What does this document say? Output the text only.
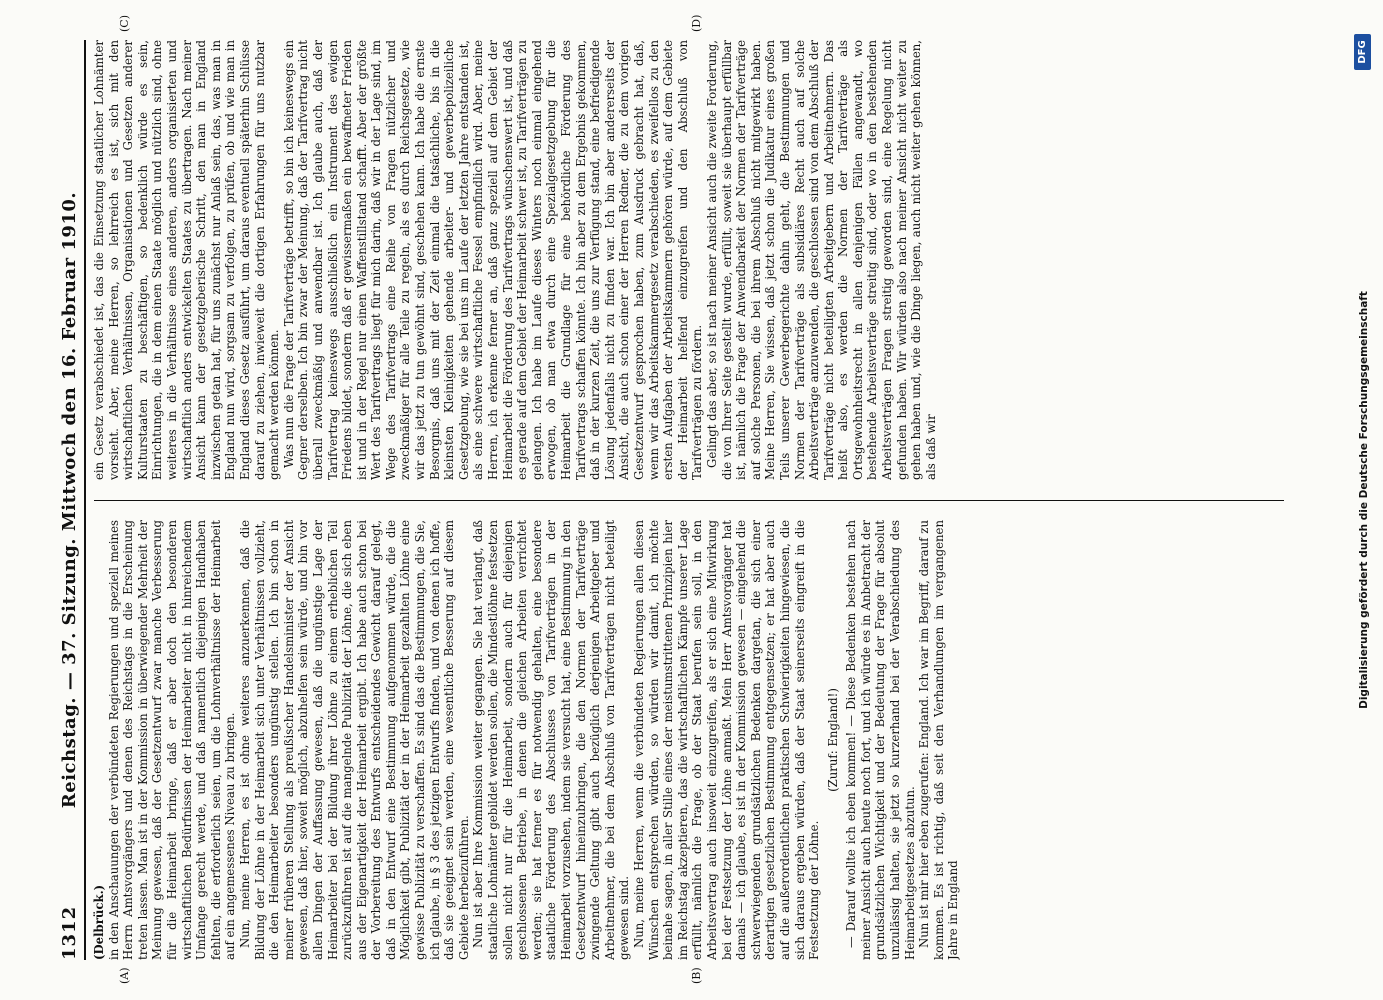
1312
Reichstag. — 37. Sitzung. Mittwoch den 16. Februar 1910.
(A)	(B)
(C)	(D)

(Delbrück.) in den Anschauungen der verbündeten Regierungen und speziell meines Herrn Amtsvorgängers und denen des Reichstags in die Erscheinung treten lassen. Man ist in der Kommission in überwiegender Mehrheit der Meinung gewesen, daß der Gesetzentwurf zwar manche Verbesserung für die Heimarbeit bringe, daß er aber doch den besonderen wirtschaftlichen Bedürfnissen der Heimarbeiter nicht in hinreichendem Umfange gerecht werde, und daß namentlich diejenigen Handhaben fehlten, die erforderlich seien, um die Lohnverhältnisse der Heimarbeit auf ein angemessenes Niveau zu bringen. Nun, meine Herren, es ist ohne weiteres anzuerkennen, daß die Bildung der Löhne in der Heimarbeit sich unter Verhältnissen vollzieht, die den Heimarbeiter besonders ungünstig stellen. Ich bin schon in meiner früheren Stellung als preußischer Handelsminister der Ansicht gewesen, daß hier, soweit möglich, abzuhelfen sein würde, und bin vor allen Dingen der Auffassung gewesen, daß die ungünstige Lage der Heimarbeiter bei der Bildung ihrer Löhne zu einem erheblichen Teil zurückzuführen ist auf die mangelnde Publizität der Löhne, die sich eben aus der Eigenartigkeit der Heimarbeit ergibt. Ich habe auch schon bei der Vorbereitung des Entwurfs entscheidendes Gewicht darauf gelegt, daß in den Entwurf eine Bestimmung aufgenommen würde, die die Möglichkeit gibt, Publizität der in der Heimarbeit gezahlten Löhne eine gewisse Publizität zu verschaffen. Es sind das die Bestimmungen, die Sie, ich glaube, in § 3 des jetzigen Entwurfs finden, und von denen ich hoffe, daß sie geeignet sein werden, eine wesentliche Besserung auf diesem Gebiete herbeizuführen. Nun ist aber Ihre Kommission weiter gegangen. Sie hat verlangt, daß staatliche Lohnämter gebildet werden sollen, die Mindestlöhne festsetzen sollen nicht nur für die Heimarbeit, sondern auch für diejenigen geschlossenen Betriebe, in denen die gleichen Arbeiten verrichtet werden; sie hat ferner es für notwendig gehalten, eine besondere staatliche Förderung des Abschlusses von Tarifverträgen in der Heimarbeit vorzusehen, indem sie versucht hat, eine Bestimmung in den Gesetzentwurf hineinzubringen, die den Normen der Tarifverträge zwingende Geltung gibt auch bezüglich derjenigen Arbeitgeber und Arbeitnehmer, die bei dem Abschluß von Tarifverträgen nicht beteiligt gewesen sind. Nun, meine Herren, wenn die verbündeten Regierungen allen diesen Wünschen entsprechen würden, so würden wir damit, ich möchte beinahe sagen, in aller Stille eines der meistumstrittenen Prinzipien hier im Reichstag akzeptieren, das die wirtschaftlichen Kämpfe unserer Lage erfüllt, nämlich die Frage, ob der Staat berufen sein soll, in den Arbeitsvertrag auch insoweit einzugreifen, als er sich eine Mitwirkung bei der Festsetzung der Löhne anmaßt. Mein Herr Amtsvorgänger hat damals — ich glaube, es ist in der Kommission gewesen — eingehend die schwerwiegenden grundsätzlichen Bedenken dargetan, die sich einer derartigen gesetzlichen Bestimmung entgegensetzen; er hat aber auch auf die außerordentlichen praktischen Schwierigkeiten hingewiesen, die sich daraus ergeben würden, daß der Staat seinerseits eingreift in die Festsetzung der Löhne.

(Zuruf: England!) — Darauf wollte ich eben kommen! — Diese Bedenken bestehen nach meiner Ansicht auch heute noch fort, und ich würde es in Anbetracht der grundsätzlichen Wichtigkeit und der Bedeutung der Frage für absolut unzulässig halten, sie jetzt so kurzerhand bei der Verabschiedung des Heimarbeitgesetzes abzutun. Nun ist mir hier eben zugerufen: England. Ich war im Begriff, darauf zu kommen. Es ist richtig, daß seit den Verhandlungen im vergangenen Jahre in England

ein Gesetz verabschiedet ist, das die Einsetzung staatlicher Lohnämter vorsieht. Aber, meine Herren, so lehrreich es ist, sich mit den wirtschaftlichen Verhältnissen, Organisationen und Gesetzen anderer Kulturstaaten zu beschäftigen, so bedenklich würde es sein, Einrichtungen, die in dem einen Staate möglich und nützlich sind, ohne weiteres in die Verhältnisse eines anderen, anders organisierten und wirtschaftlich anders entwickelten Staates zu übertragen. Nach meiner Ansicht kann der gesetzgeberische Schritt, den man in England inzwischen getan hat, für uns zunächst nur Anlaß sein, das, was man in England nun wird, sorgsam zu verfolgen, zu prüfen, ob und wie man in England dieses Gesetz ausführt, um daraus eventuell späterhin Schlüsse darauf zu ziehen, inwieweit die dortigen Erfahrungen für uns nutzbar gemacht werden können. Was nun die Frage der Tarifverträge betrifft, so bin ich keineswegs ein Gegner derselben. Ich bin zwar der Meinung, daß der Tarifvertrag nicht überall zweckmäßig und anwendbar ist. Ich glaube auch, daß der Tarifvertrag keineswegs ausschließlich ein Instrument des ewigen Friedens bildet, sondern daß er gewissermaßen ein bewaffneter Frieden ist und in der Regel nur einen Waffenstillstand schafft. Aber der größte Wert des Tarifvertrags liegt für mich darin, daß wir in der Lage sind, im Wege des Tarifvertrags eine Reihe von Fragen nützlicher und zweckmäßiger für alle Teile zu regeln, als es durch Reichsgesetze, wie wir das jetzt zu tun gewöhnt sind, geschehen kann. Ich habe die ernste Besorgnis, daß uns mit der Zeit einmal die tatsächliche, bis in die kleinsten Kleinigkeiten gehende arbeiter- und gewerbepolizeiliche Gesetzgebung, wie sie bei uns im Laufe der letzten Jahre entstanden ist, als eine schwere wirtschaftliche Fessel empfindlich wird. Aber, meine Herren, ich erkenne ferner an, daß ganz speziell auf dem Gebiet der Heimarbeit die Förderung des Tarifvertrags wünschenswert ist, und daß es gerade auf dem Gebiet der Heimarbeit schwer ist, zu Tarifverträgen zu gelangen. Ich habe im Laufe dieses Winters noch einmal eingehend erwogen, ob man etwa durch eine Spezialgesetzgebung für die Heimarbeit die Grundlage für eine behördliche Förderung des Tarifvertrags schaffen könnte. Ich bin aber zu dem Ergebnis gekommen, daß in der kurzen Zeit, die uns zur Verfügung stand, eine befriedigende Lösung jedenfalls nicht zu finden war. Ich bin aber andererseits der Ansicht, die auch schon einer der Herren Redner, die zu dem vorigen Gesetzentwurf gesprochen haben, zum Ausdruck gebracht hat, daß, wenn wir das Arbeitskammergesetz verabschieden, es zweifellos zu den ersten Aufgaben der Arbeitskammern gehören würde, auf dem Gebiete der Heimarbeit helfend einzugreifen und den Abschluß von Tarifverträgen zu fördern. Gelingt das aber, so ist nach meiner Ansicht auch die zweite Forderung, die von Ihrer Seite gestellt wurde, erfüllt, soweit sie überhaupt erfüllbar ist, nämlich die Frage der Anwendbarkeit der Normen der Tarifverträge auf solche Personen, die bei ihrem Abschluß nicht mitgewirkt haben. Meine Herren, Sie wissen, daß jetzt schon die Judikatur eines großen Teils unserer Gewerbegerichte dahin geht, die Bestimmungen und Normen der Tarifverträge als subsidiäres Recht auch auf solche Arbeitsverträge anzuwenden, die geschlossen sind von dem Abschluß der Tarifverträge nicht beteiligten Arbeitgebern und Arbeitnehmern. Das heißt also, es werden die Normen der Tarifverträge als Ortsgewohnheitsrecht in allen denjenigen Fällen angewandt, wo bestehende Arbeitsverträge streitig sind, oder wo in den bestehenden Arbeitsverträgen Fragen streitig geworden sind, eine Regelung nicht gefunden haben. Wir würden also nach meiner Ansicht nicht weiter zu gehen haben und, wie die Dinge liegen, auch nicht weiter gehen können, als daß wir	Digitalisierung gefördert durch die Deutsche Forschungsgemeinschaft
DFG
